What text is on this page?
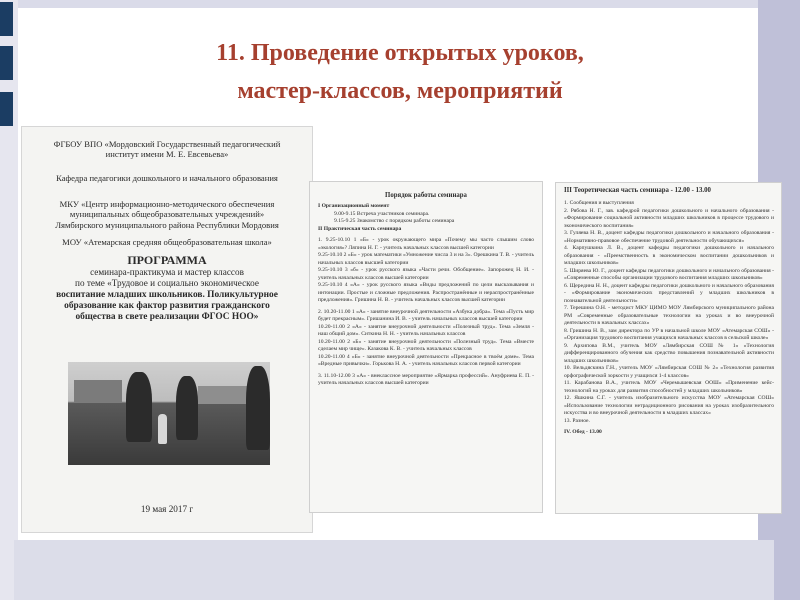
11. Проведение открытых уроков,
мастер-классов, мероприятий

ФГБОУ ВПО «Мордовский Государственный педагогический
институт имени М. Е. Евсевьева»

Кафедра педагогики дошкольного и начального образования

МКУ «Центр информационно-методического обеспечения
муниципальных общеобразовательных учреждений»
Лямбирского муниципального района Республики Мордовия

МОУ «Атемарская средняя общеобразовательная школа»

ПРОГРАММА

семинара-практикума и мастер классов
по теме «Трудовое и социально экономическое

воспитание младших школьников. Поликультурное
образование как фактор развития гражданского
общества в свете реализации ФГОС НОО»

19 мая 2017 г

Порядок работы семинара

I Организационный момент

9.00-9.15 Встреча участников семинара.

9.15-9.25 Знакомство с порядком работы семинара

II Практическая часть семинара

1. 9.25-10.10 1 «Б» - урок окружающего мира «Почему мы часто слышим слово «экология»? Ляпина Н. Г. - учитель начальных классов высшей категории

9.25-10.10 2 «Б» - урок математики «Умножение числа 3 и на 3». Орешкина Т. В. - учитель начальных классов высшей категории

9.25-10.10 3 «б» - урок русского языка «Части речи. Обобщение». Запорожец Н. И. - учитель начальных классов высшей категории

9.25-10.10 4 «А» - урок русского языка «Виды предложений по цели высказывания и интонации. Простые и сложные предложения. Распространённые и нераспространённые предложения». Гришина Н. В. - учитель начальных классов высшей категории

2. 10.20-11.00 1 «А» - занятие внеурочной деятельности «Азбука добра». Тема «Пусть мир будет прекрасным». Гришанина И. В. - учитель начальных классов высшей категории

10.20-11.00 2 «А» - занятие внеурочной деятельности «Полезный труд». Тема «Земля - наш общий дом». Ситкина Н. Н. - учитель начальных классов

10.20-11.00 2 «Б» - занятие внеурочной деятельности «Полезный труд». Тема «Вместе сделаем мир чище». Казакова К. В. - учитель начальных классов

10.20-11.00 4 «Б» - занятие внеурочной деятельности «Прекрасное в твоём доме». Тема «Вредные привычки». Горькова Н. А. - учитель начальных классов первой категории

3. 11.10-12.00 3 «А» - внеклассное мероприятие «Ярмарка профессий». Ануфриева Е. П. - учитель начальных классов высшей категории

III Теоретическая часть семинара - 12.00 - 13.00

1. Сообщения и выступления

2. Рябова Н. Г., зав. кафедрой педагогики дошкольного и начального образования - «Формирование социальной активности младших школьников в процессе трудового и экономического воспитания»

3. Гуляева Н. В., доцент кафедры педагогики дошкольного и начального образования - «Нормативно-правовое обеспечение трудовой деятельности обучающихся»

4. Карпушкина Л. В., доцент кафедры педагогики дошкольного и начального образования - «Преемственность в экономическом воспитании дошкольников и младших школьников»

5. Ширяева Ю. Г., доцент кафедры педагогики дошкольного и начального образования - «Современные способы организации трудового воспитания младших школьников»

6. Щерединa Н. Н., доцент кафедры педагогики дошкольного и начального образования - «Формирование экономических представлений у младших школьников в познавательной деятельности»

7. Терешина О.Н. - методист МКУ ЦИМО МОУ Лямбирского муниципального района РМ «Современные образовательные технологии на уроках и во внеурочной деятельности в начальных классах»

8. Гришина Н. В., зам директора по УР в начальной школе МОУ «Атемарская СОШ» - «Организация трудового воспитания учащихся начальных классов в сельской школе»

9. Архипова В.М., учитель МОУ «Лямбирская СОШ № 1» «Технология дифференцированного обучения как средство повышения познавательной активности младших школьников»

10. Вельдяскина Г.Н., учитель МОУ «Лямбирская СОШ № 2» «Технология развития орфографической зоркости у учащихся 1-4 классов»

11. Карабанова В.А., учитель МОУ «Черемышевская ООШ» «Применение кейс-технологий на уроках для развития способностей у младших школьников»

12. Яшкина С.Г. - учитель изобразительного искусства МОУ «Атемарская СОШ» «Использование технологии нетрадиционного рисования на уроках изобразительного искусства и во внеурочной деятельности в младших классах»

13. Разное.

IV. Обед - 13.00
